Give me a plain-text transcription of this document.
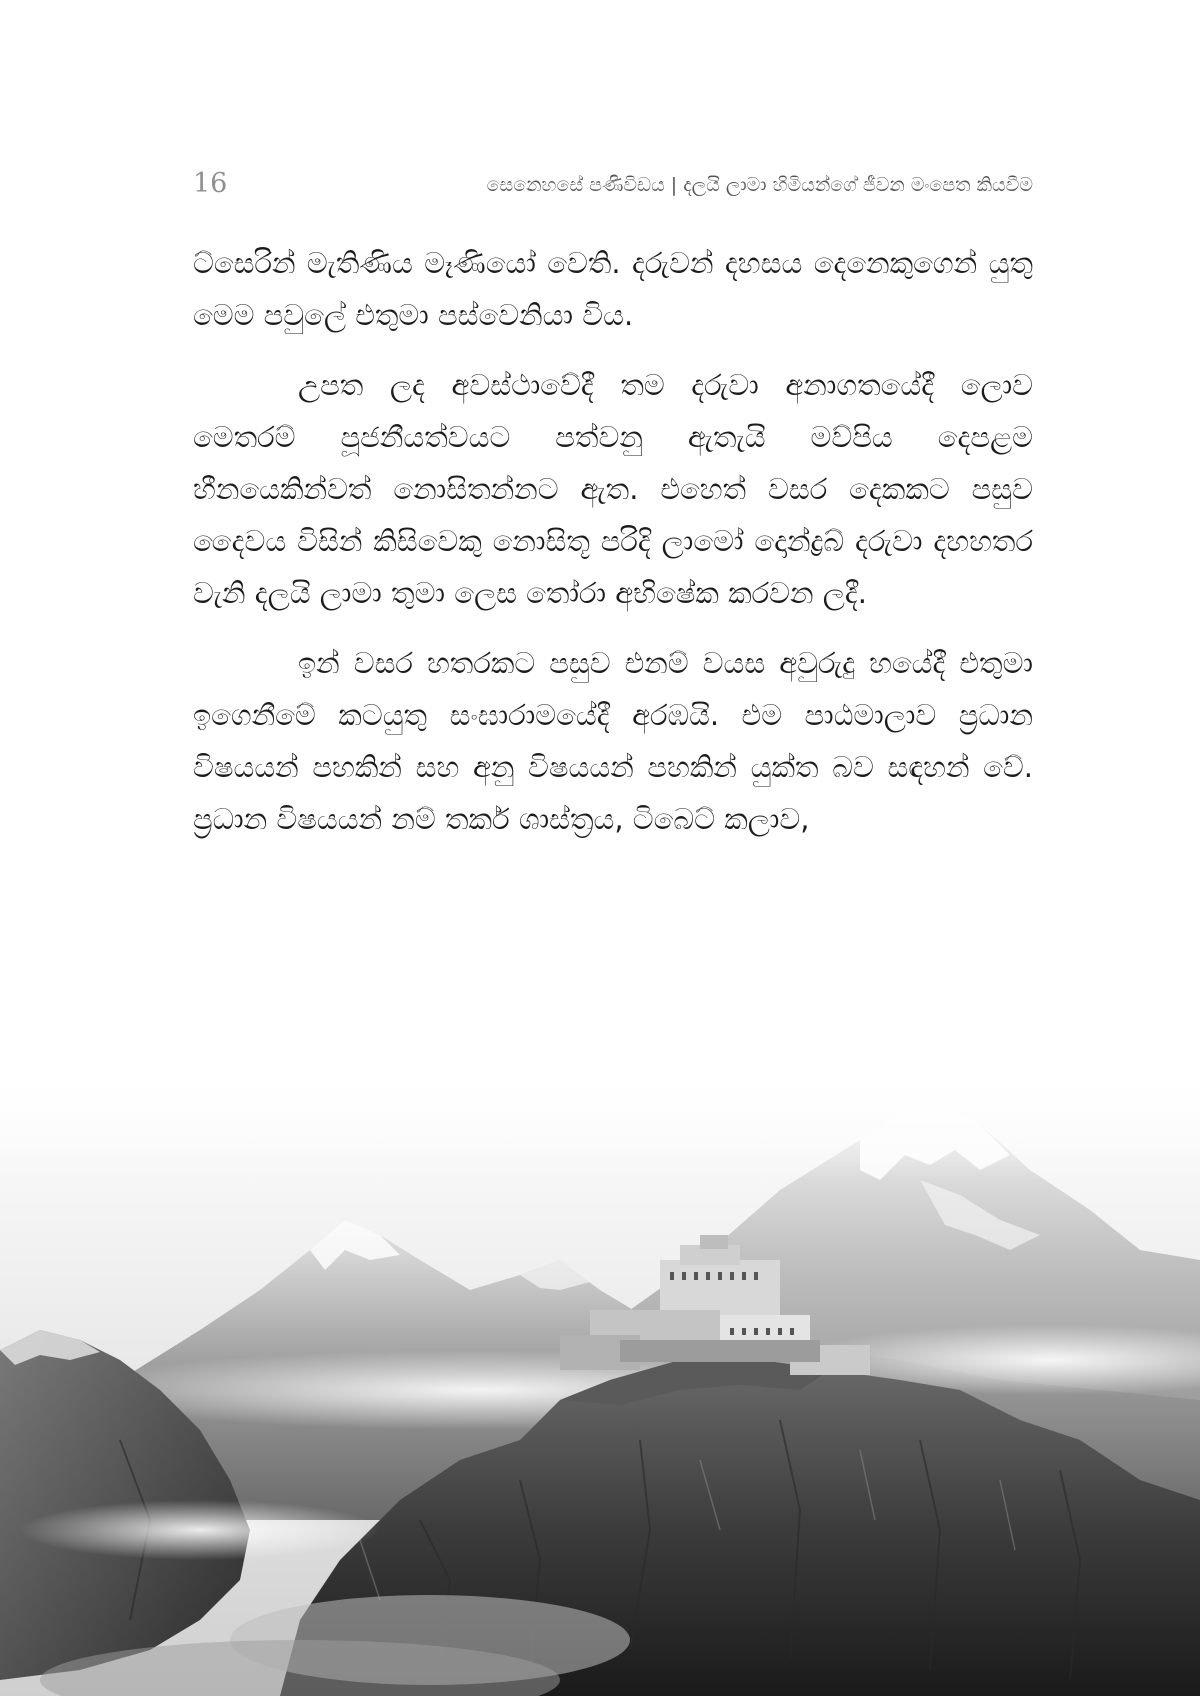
16	සෙනෙහසේ පණිවිඩය | දලයි ලාමා හිමියන්ගේ ජීවන මංපෙත කියවීම

ට්සෙරින් මැතිණිය මෑණියෝ වෙති. දරුවන් දහසය දෙනෙකුගෙන් යුතු මෙම පවුලේ එතුමා පස්වෙනියා විය.

උපත ලද අවස්ථාවේදී තම දරුවා අනාගතයේදී ලොව මෙතරම් පූජනීයත්වයට පත්වනු ඇතැයි මව්පිය දෙපළම හීනයෙකින්වත් නොසිතන්නට ඇත. එහෙත් වසර දෙකකට පසුව දෛවය විසින් කිසිවෙකු නොසිතූ පරිදි ලාමෝ දොන්ද්‍රබ් දරුවා දහහතර වැනි දලයි ලාමා තුමා ලෙස තෝරා අභිෂේක කරවන ලදී.

ඉන් වසර හතරකට පසුව එනම් වයස අවුරුදු හයේදී එතුමා ඉගෙනීමේ කටයුතු සංඝාරාමයේදී අරඹයි. එම පාඨමාලාව ප්‍රධාන විෂයයන් පහකින් සහ අනු විෂයයන් පහකින් යුක්ත බව සඳහන් වේ. ප්‍රධාන විෂයයන් නම් තර්ක ශාස්ත්‍රය, ටිබෙට් කලාව,
